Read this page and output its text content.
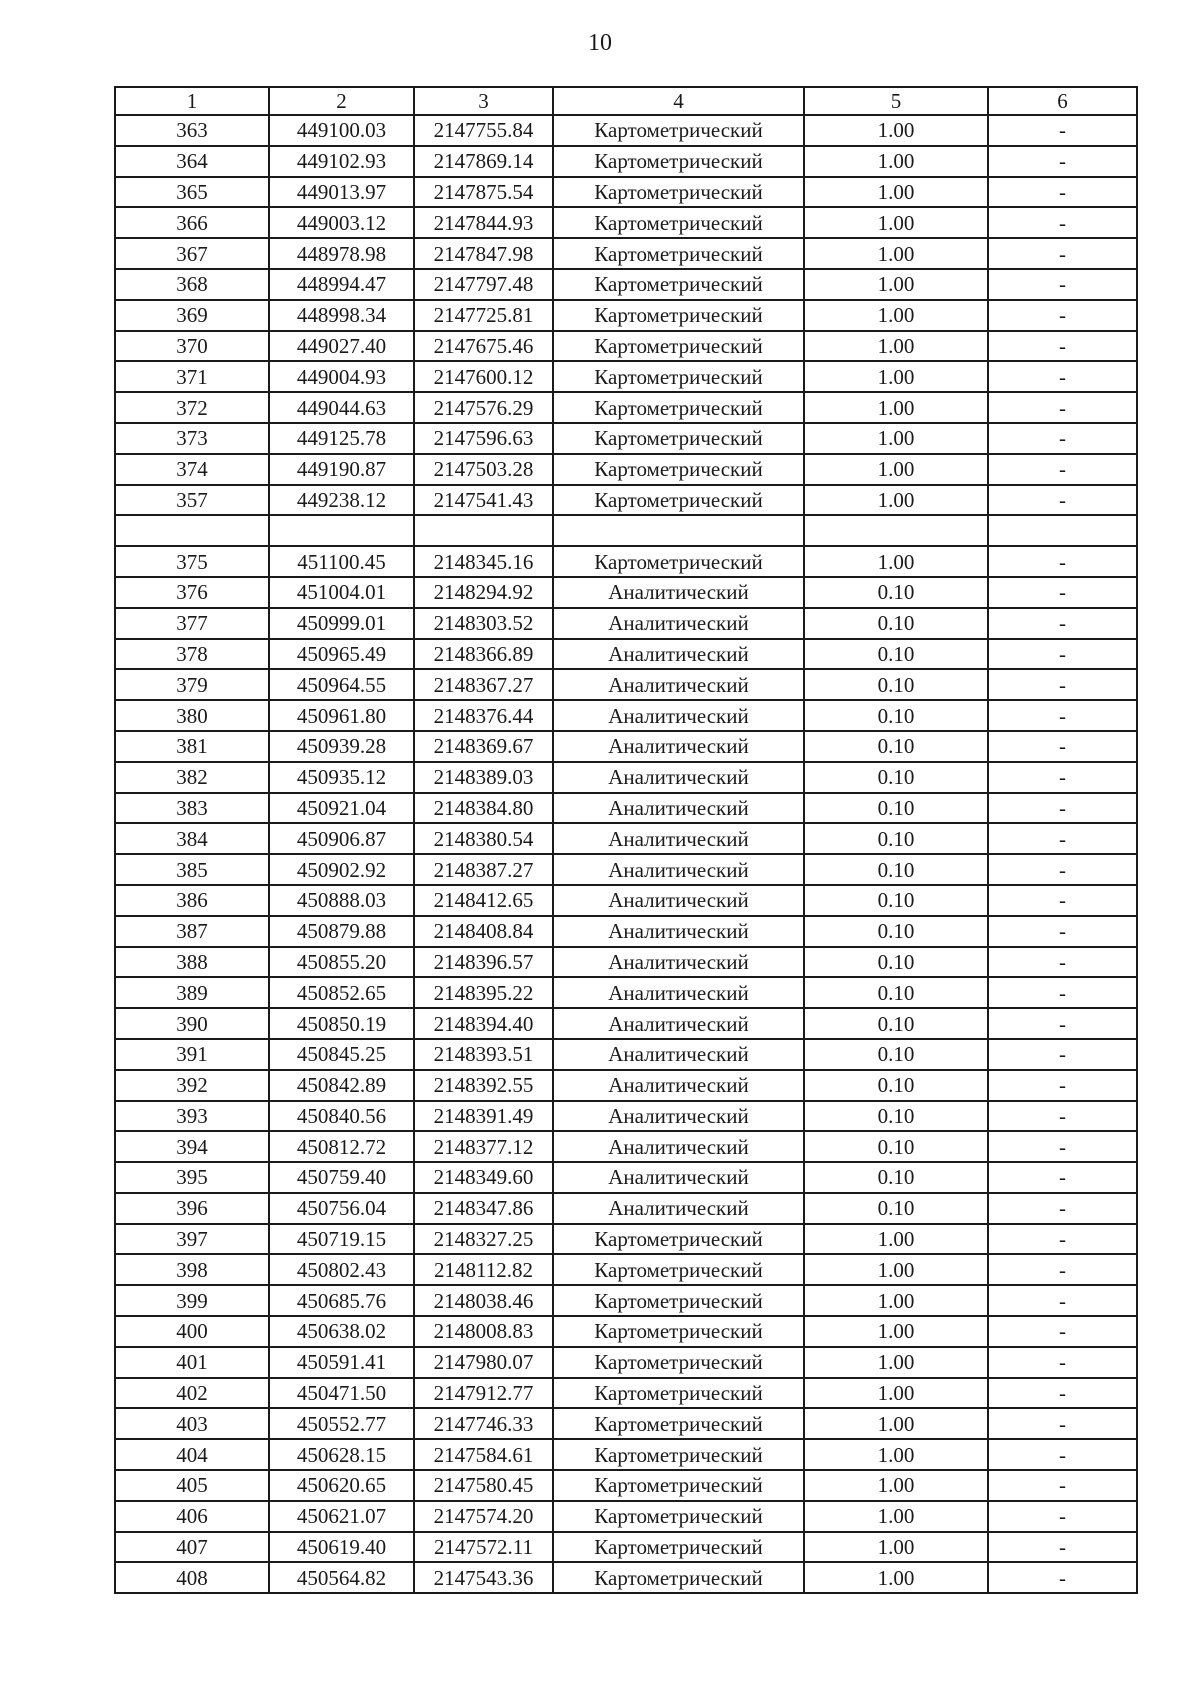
10
1	2	3	4	5	6
363	449100.03	2147755.84	Картометрический	1.00	-
364	449102.93	2147869.14	Картометрический	1.00	-
365	449013.97	2147875.54	Картометрический	1.00	-
366	449003.12	2147844.93	Картометрический	1.00	-
367	448978.98	2147847.98	Картометрический	1.00	-
368	448994.47	2147797.48	Картометрический	1.00	-
369	448998.34	2147725.81	Картометрический	1.00	-
370	449027.40	2147675.46	Картометрический	1.00	-
371	449004.93	2147600.12	Картометрический	1.00	-
372	449044.63	2147576.29	Картометрический	1.00	-
373	449125.78	2147596.63	Картометрический	1.00	-
374	449190.87	2147503.28	Картометрический	1.00	-
357	449238.12	2147541.43	Картометрический	1.00	-

375	451100.45	2148345.16	Картометрический	1.00	-
376	451004.01	2148294.92	Аналитический	0.10	-
377	450999.01	2148303.52	Аналитический	0.10	-
378	450965.49	2148366.89	Аналитический	0.10	-
379	450964.55	2148367.27	Аналитический	0.10	-
380	450961.80	2148376.44	Аналитический	0.10	-
381	450939.28	2148369.67	Аналитический	0.10	-
382	450935.12	2148389.03	Аналитический	0.10	-
383	450921.04	2148384.80	Аналитический	0.10	-
384	450906.87	2148380.54	Аналитический	0.10	-
385	450902.92	2148387.27	Аналитический	0.10	-
386	450888.03	2148412.65	Аналитический	0.10	-
387	450879.88	2148408.84	Аналитический	0.10	-
388	450855.20	2148396.57	Аналитический	0.10	-
389	450852.65	2148395.22	Аналитический	0.10	-
390	450850.19	2148394.40	Аналитический	0.10	-
391	450845.25	2148393.51	Аналитический	0.10	-
392	450842.89	2148392.55	Аналитический	0.10	-
393	450840.56	2148391.49	Аналитический	0.10	-
394	450812.72	2148377.12	Аналитический	0.10	-
395	450759.40	2148349.60	Аналитический	0.10	-
396	450756.04	2148347.86	Аналитический	0.10	-
397	450719.15	2148327.25	Картометрический	1.00	-
398	450802.43	2148112.82	Картометрический	1.00	-
399	450685.76	2148038.46	Картометрический	1.00	-
400	450638.02	2148008.83	Картометрический	1.00	-
401	450591.41	2147980.07	Картометрический	1.00	-
402	450471.50	2147912.77	Картометрический	1.00	-
403	450552.77	2147746.33	Картометрический	1.00	-
404	450628.15	2147584.61	Картометрический	1.00	-
405	450620.65	2147580.45	Картометрический	1.00	-
406	450621.07	2147574.20	Картометрический	1.00	-
407	450619.40	2147572.11	Картометрический	1.00	-
408	450564.82	2147543.36	Картометрический	1.00	-
